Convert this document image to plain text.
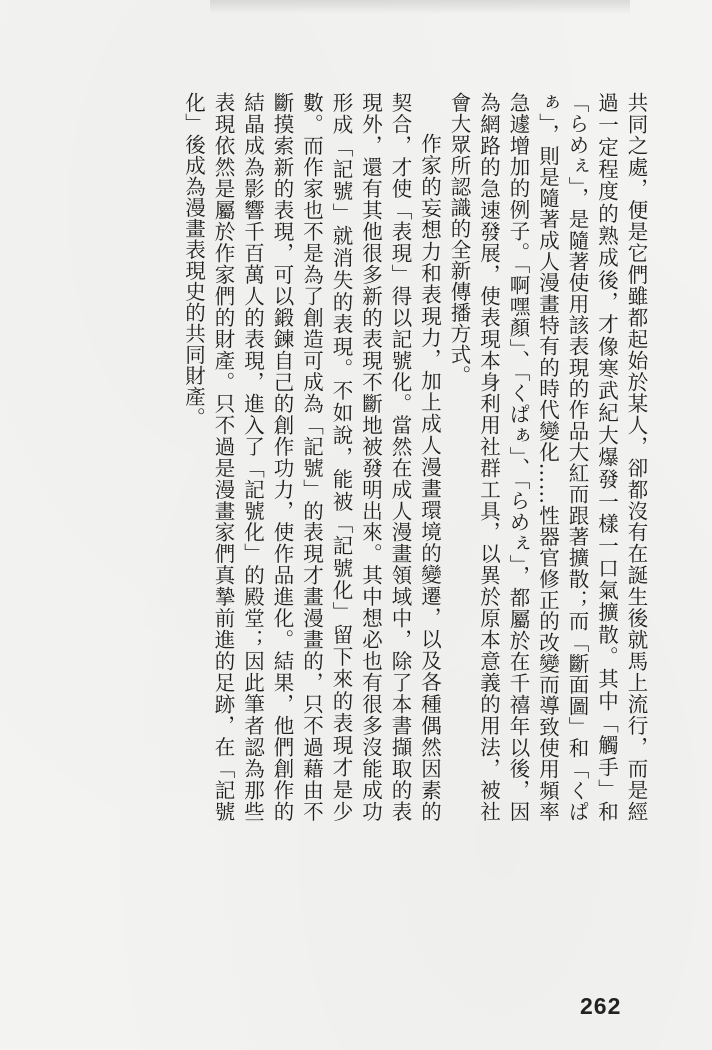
共同之處，便是它們雖都起始於某人，卻都沒有在誕生後就馬上流行，而是經過一定程度的熟成後，才像寒武紀大爆發一樣一口氣擴散。其中「觸手」和「らめぇ」，是隨著使用該表現的作品大紅而跟著擴散；而「斷面圖」和「くぱぁ」，則是隨著成人漫畫特有的時代變化……性器官修正的改變而導致使用頻率急遽增加的例子。「啊嘿顏」、「くぱぁ」、「らめぇ」，都屬於在千禧年以後，因為網路的急速發展，使表現本身利用社群工具，以異於原本意義的用法，被社會大眾所認識的全新傳播方式。

作家的妄想力和表現力，加上成人漫畫環境的變遷，以及各種偶然因素的契合，才使「表現」得以記號化。當然在成人漫畫領域中，除了本書擷取的表現外，還有其他很多新的表現不斷地被發明出來。其中想必也有很多沒能成功形成「記號」就消失的表現。不如說，能被「記號化」留下來的表現才是少數。而作家也不是為了創造可成為「記號」的表現才畫漫畫的，只不過藉由不斷摸索新的表現，可以鍛鍊自己的創作功力，使作品進化。結果，他們創作的結晶成為影響千百萬人的表現，進入了「記號化」的殿堂；因此筆者認為那些表現依然是屬於作家們的財產。只不過是漫畫家們真摯前進的足跡，在「記號化」後成為漫畫表現史的共同財產。

262
